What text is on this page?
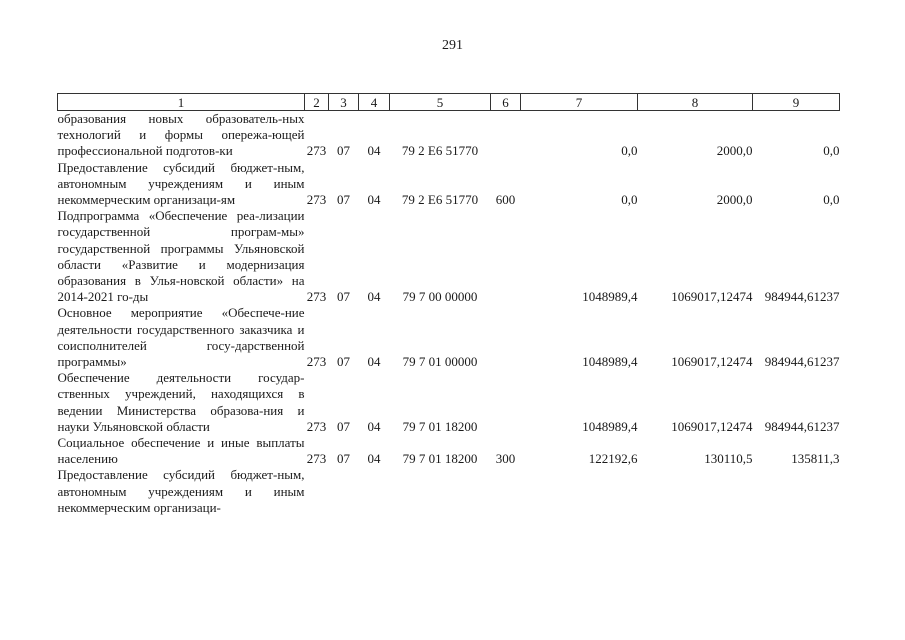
291
1	2	3	4	5	6	7	8	9
образования новых образователь-ных технологий и формы опережа-ющей профессиональной подготов-ки	273	07	04	79 2 Е6 51770		0,0	2000,0	0,0
Предоставление субсидий бюджет-ным, автономным учреждениям и иным некоммерческим организаци-ям	273	07	04	79 2 Е6 51770	600	0,0	2000,0	0,0
Подпрограмма «Обеспечение реа-лизации государственной програм-мы» государственной программы Ульяновской области «Развитие и модернизация образования в Улья-новской области» на 2014-2021 го-ды	273	07	04	79 7 00 00000		1048989,4	1069017,12474	984944,61237
Основное мероприятие «Обеспече-ние деятельности государственного заказчика и соисполнителей госу-дарственной программы»	273	07	04	79 7 01 00000		1048989,4	1069017,12474	984944,61237
Обеспечение деятельности государ-ственных учреждений, находящихся в ведении Министерства образова-ния и науки Ульяновской области	273	07	04	79 7 01 18200		1048989,4	1069017,12474	984944,61237
Социальное обеспечение и иные выплаты населению	273	07	04	79 7 01 18200	300	122192,6	130110,5	135811,3
Предоставление субсидий бюджет-ным, автономным учреждениям и иным некоммерческим организаци-								
